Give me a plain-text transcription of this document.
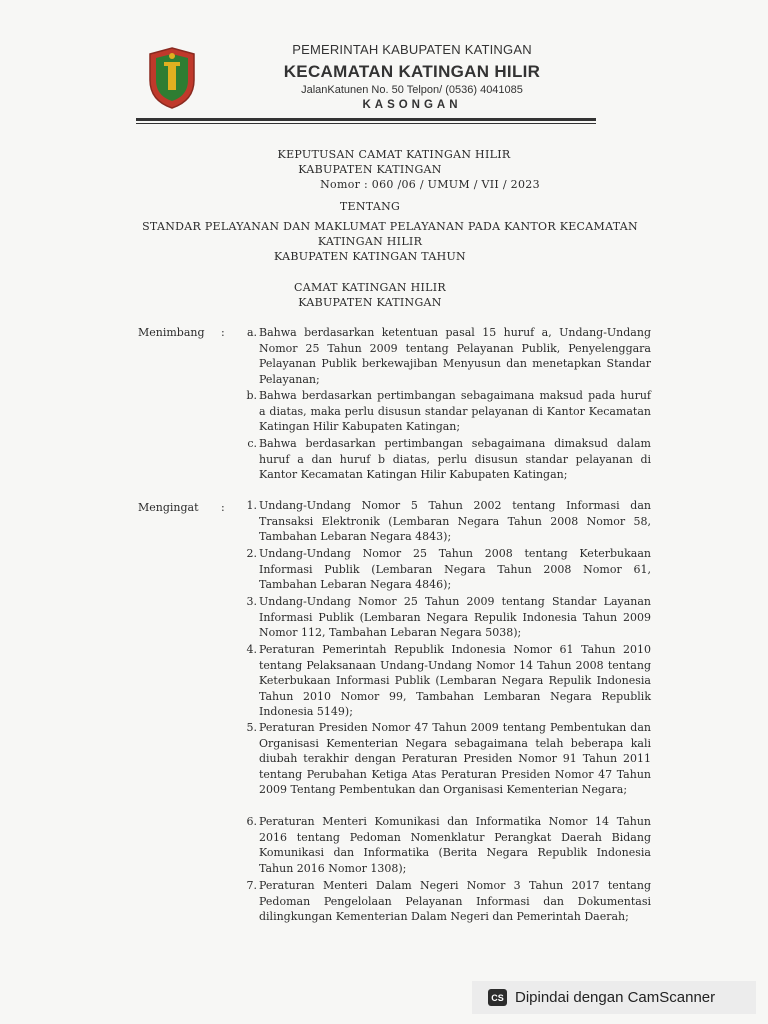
PEMERINTAH KABUPATEN KATINGAN
KECAMATAN KATINGAN HILIR
JalanKatunen No. 50 Telpon/ (0536) 4041085
KASONGAN
KEPUTUSAN CAMAT KATINGAN HILIR
KABUPATEN KATINGAN
Nomor : 060 /06 / UMUM / VII / 2023
TENTANG
STANDAR PELAYANAN DAN MAKLUMAT PELAYANAN PADA KANTOR KECAMATAN
KATINGAN HILIR
KABUPATEN KATINGAN TAHUN
CAMAT KATINGAN HILIR
KABUPATEN KATINGAN
Menimbang :	a. Bahwa berdasarkan ketentuan pasal 15 huruf a, Undang-Undang Nomor 25 Tahun 2009 tentang Pelayanan Publik, Penyelenggara Pelayanan Publik berkewajiban Menyusun dan menetapkan Standar Pelayanan;
b. Bahwa berdasarkan pertimbangan sebagaimana maksud pada huruf a diatas, maka perlu disusun standar pelayanan di Kantor Kecamatan Katingan Hilir Kabupaten Katingan;
c. Bahwa berdasarkan pertimbangan sebagaimana dimaksud dalam huruf a dan huruf b diatas, perlu disusun standar pelayanan di Kantor Kecamatan Katingan Hilir Kabupaten Katingan;
Mengingat :	1. Undang-Undang Nomor 5 Tahun 2002 tentang Informasi dan Transaksi Elektronik (Lembaran Negara Tahun 2008 Nomor 58, Tambahan Lebaran Negara 4843);
2. Undang-Undang Nomor 25 Tahun 2008 tentang Keterbukaan Informasi Publik (Lembaran Negara Tahun 2008 Nomor 61, Tambahan Lebaran Negara 4846);
3. Undang-Undang Nomor 25 Tahun 2009 tentang Standar Layanan Informasi Publik (Lembaran Negara Repulik Indonesia Tahun 2009 Nomor 112, Tambahan Lebaran Negara 5038);
4. Peraturan Pemerintah Republik Indonesia Nomor 61 Tahun 2010 tentang Pelaksanaan Undang-Undang Nomor 14 Tahun 2008 tentang Keterbukaan Informasi Publik (Lembaran Negara Repulik Indonesia Tahun 2010 Nomor 99, Tambahan Lembaran Negara Republik Indonesia 5149);
5. Peraturan Presiden Nomor 47 Tahun 2009 tentang Pembentukan dan Organisasi Kementerian Negara sebagaimana telah beberapa kali diubah terakhir dengan Peraturan Presiden Nomor 91 Tahun 2011 tentang Perubahan Ketiga Atas Peraturan Presiden Nomor 47 Tahun 2009 Tentang Pembentukan dan Organisasi Kementerian Negara;
6. Peraturan Menteri Komunikasi dan Informatika Nomor 14 Tahun 2016 tentang Pedoman Nomenklatur Perangkat Daerah Bidang Komunikasi dan Informatika (Berita Negara Republik Indonesia Tahun 2016 Nomor 1308);
7. Peraturan Menteri Dalam Negeri Nomor 3 Tahun 2017 tentang Pedoman Pengelolaan Pelayanan Informasi dan Dokumentasi dilingkungan Kementerian Dalam Negeri dan Pemerintah Daerah;
CS Dipindai dengan CamScanner
